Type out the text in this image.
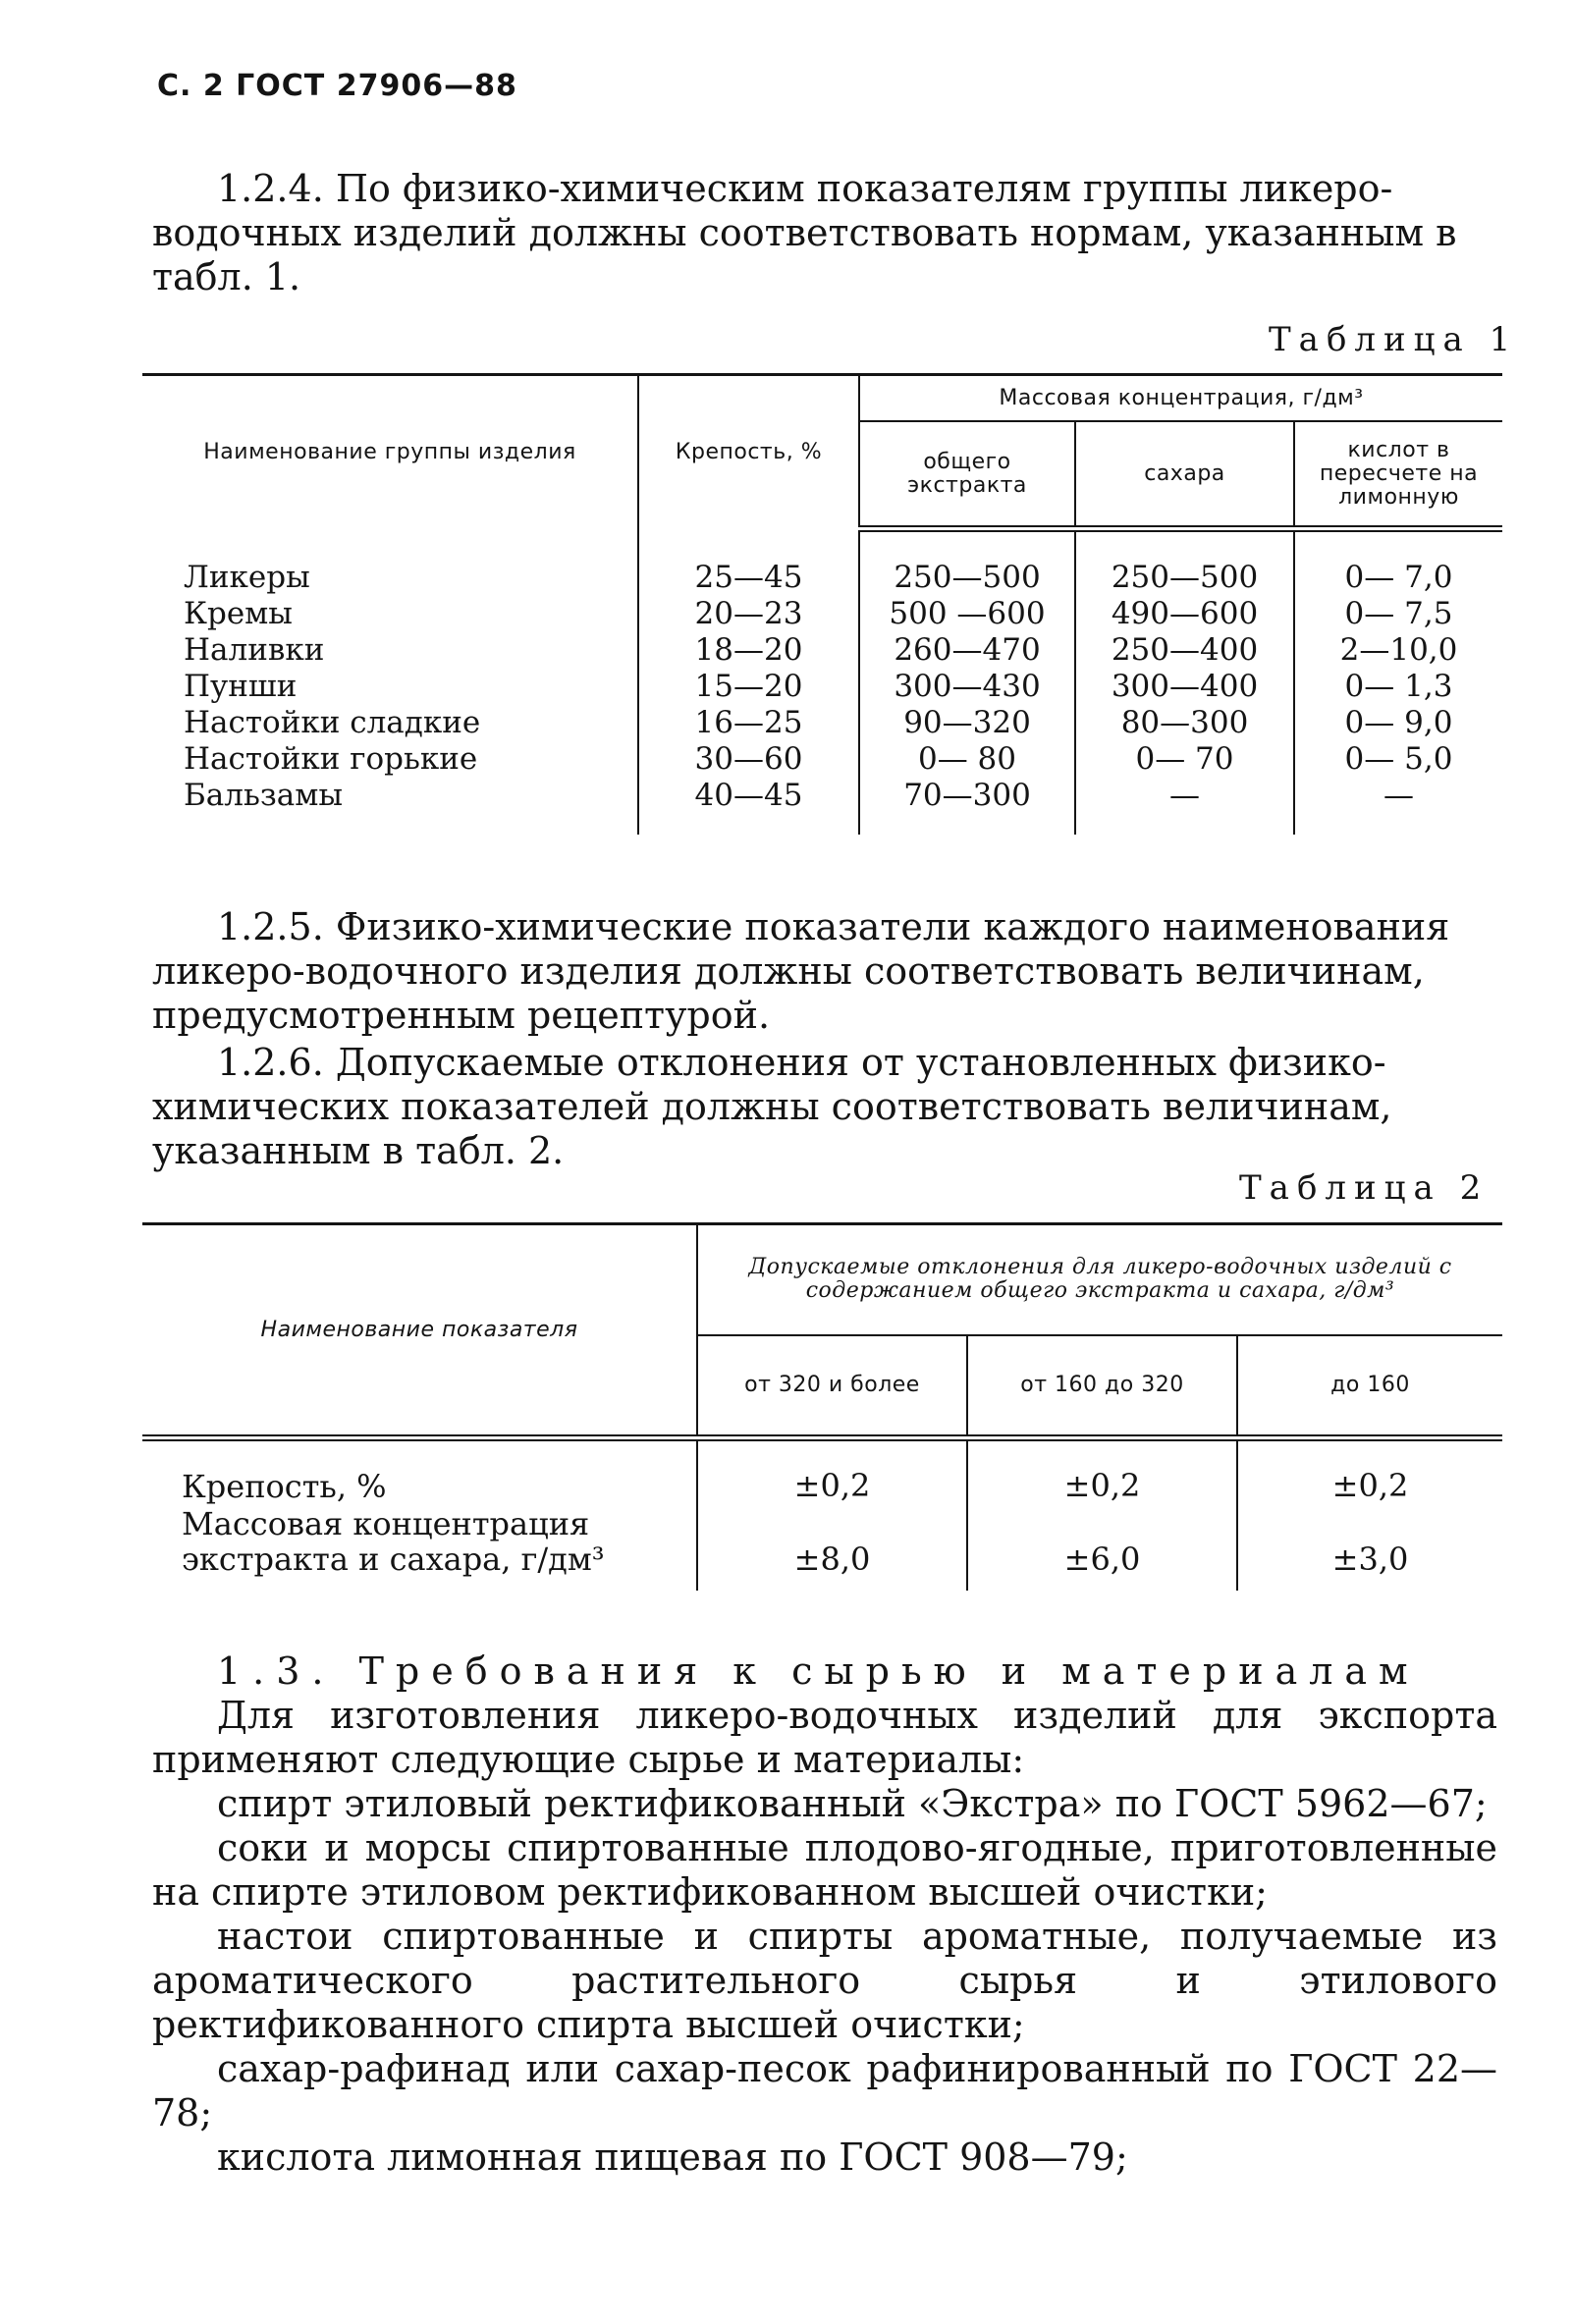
С. 2 ГОСТ 27906—88

1.2.4. По физико-химическим показателям группы ликеро-водочных изделий должны соответствовать нормам, указанным в табл. 1.

Таблица 1
Наименование группы изделия	Крепость, %	Массовая концентрация, г/дм³		
		общего экстракта	сахара	кислот в пересчете на лимонную

Ликеры	25—45	250—500	250—500	0— 7,0
Кремы	20—23	500 —600	490—600	0— 7,5
Наливки	18—20	260—470	250—400	2—10,0
Пунши	15—20	300—430	300—400	0— 1,3
Настойки сладкие	16—25	90—320	80—300	0— 9,0
Настойки горькие	30—60	0— 80	0— 70	0— 5,0
Бальзамы	40—45	70—300	—	—

1.2.5. Физико-химические показатели каждого наименования ликеро-водочного изделия должны соответствовать величинам, предусмотренным рецептурой.

1.2.6. Допускаемые отклонения от установленных физико-химических показателей должны соответствовать величинам, указанным в табл. 2.

Таблица 2
Наименование показателя	Допускаемые отклонения для ликеро-водочных изделий с содержанием общего экстракта и сахара, г/дм³		
	от 320 и более	от 160 до 320	до 160
Крепость, %	±0,2	±0,2	±0,2
Массовая концентрация экстракта и сахара, г/дм³	±8,0	±6,0	±3,0

1.3. Требования к сырью и материалам

Для изготовления ликеро-водочных изделий для экспорта применяют следующие сырье и материалы:

спирт этиловый ректификованный «Экстра» по ГОСТ 5962—67;

соки и морсы спиртованные плодово-ягодные, приготовленные на спирте этиловом ректификованном высшей очистки;

настои спиртованные и спирты ароматные, получаемые из ароматического растительного сырья и этилового ректификованного спирта высшей очистки;

сахар-рафинад или сахар-песок рафинированный по ГОСТ 22—78;

кислота лимонная пищевая по ГОСТ 908—79;
